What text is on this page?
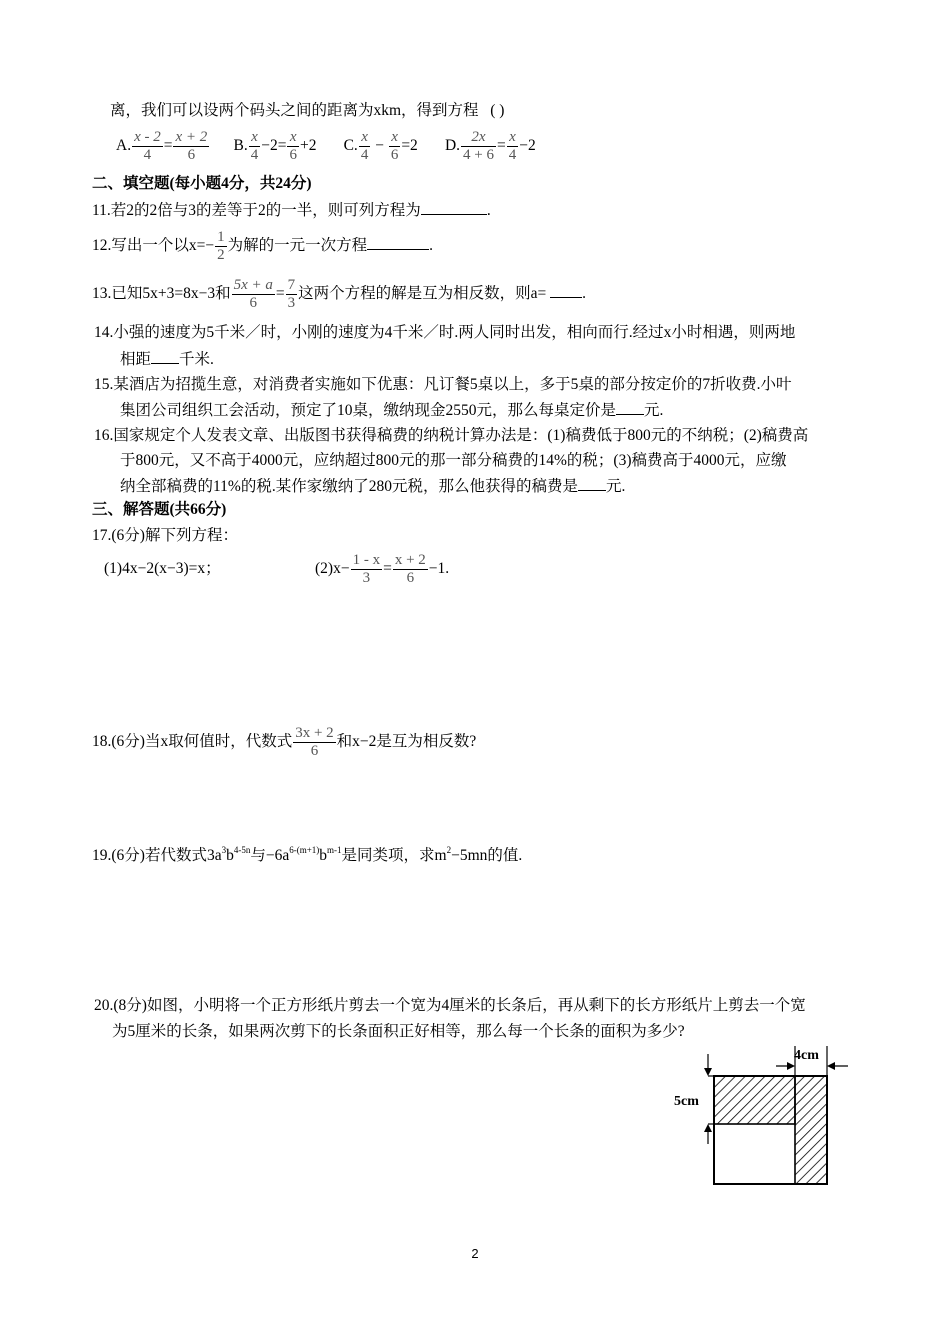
离，我们可以设两个码头之间的距离为xkm，得到方程 ( )
A. $\frac{x - 2}{4} = \frac{x + 2}{6} B$. $\frac{x}{4} -2= \frac{x}{6} +2$ C. $\frac{x}{4} - \frac{x}{6} =2$ D. $\frac{2x}{4 + 6} = \frac{x}{4} -2$
二、填空题(每小题4分，共24分)
11.若2的2倍与3的差等于2的一半，则可列方程为	.
12.写出一个以$x=- \frac{1}{2}$ 为解的一元一次方程	.
13.已知5x+3=8x−3和 $\frac{5x + a}{6} = \frac{7}{3}$ 这两个方程的解是互为相反数，则a= .
14.小强的速度为5千米／时，小刚的速度为4千米／时.两人同时出发，相向而行.经过x小时相遇，则两地
相距 千米.
15.某酒店为招揽生意，对消费者实施如下优惠：凡订餐5桌以上，多于5桌的部分按定价的7折收费.小叶
集团公司组织工会活动，预定了10桌，缴纳现金2550元，那么每桌定价是 元.
16.国家规定个人发表文章、出版图书获得稿费的纳税计算办法是：(1)稿费低于800元的不纳税；(2)稿费高
于800元，又不高于4000元，应纳超过800元的那一部分稿费的14%的税；(3)稿费高于4000元，应缴
纳全部稿费的11%的税.某作家缴纳了280元税，那么他获得的稿费是 元.
三、解答题(共66分)
17.(6分)解下列方程：
(1)4x−2(x−3)=x；	$(2)x- \frac{1 - x}{3} = \frac{x + 2}{6} -1$.
18.(6分)当x取何值时，代数式 $\frac{3x + 2}{6}$ 和x−2是互为相反数?
19.(6分)若代数式$3a^3b^{4-5n}$与$-6a^{6-(m+1)}b^{m-1}$是同类项，求$m^2-5mn$的值.
20.(8分)如图，小明将一个正方形纸片剪去一个宽为4厘米的长条后，再从剩下的长方形纸片上剪去一个宽
为5厘米的长条，如果两次剪下的长条面积正好相等，那么每一个长条的面积为多少?
4cm
5cm
2
